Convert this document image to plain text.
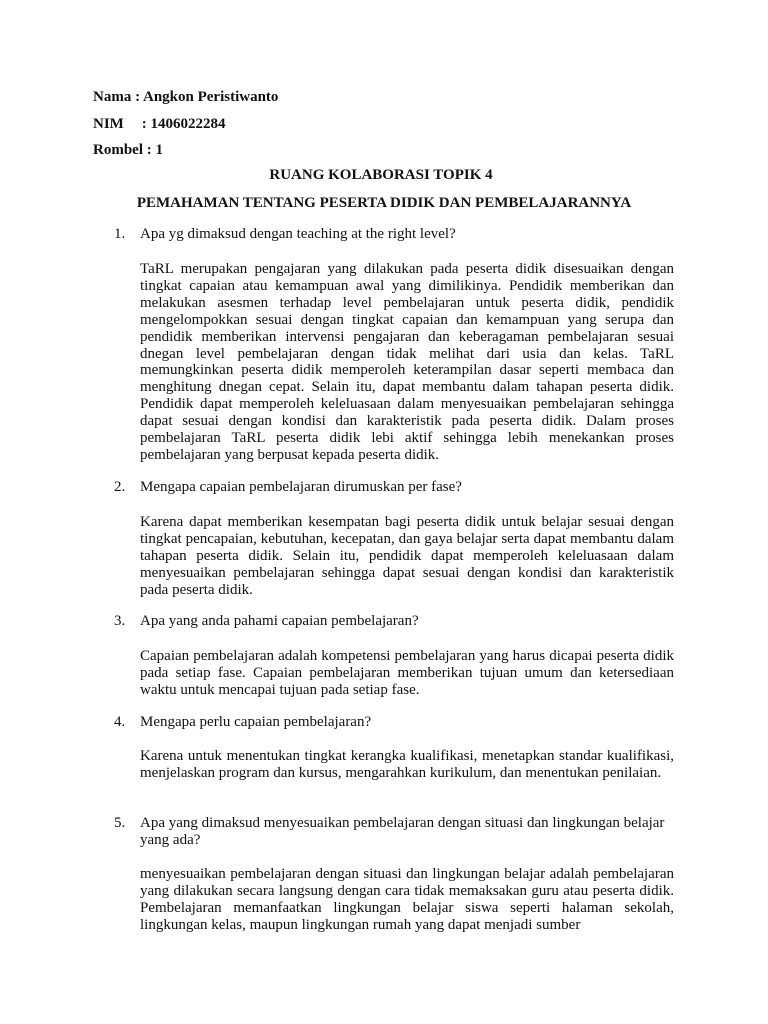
Nama : Angkon Peristiwanto
NIM : 1406022284
Rombel : 1
RUANG KOLABORASI TOPIK 4
PEMAHAMAN TENTANG PESERTA DIDIK DAN PEMBELAJARANNYA

1. Apa yg dimaksud dengan teaching at the right level?

TaRL merupakan pengajaran yang dilakukan pada peserta didik disesuaikan dengan tingkat capaian atau kemampuan awal yang dimilikinya. Pendidik memberikan dan melakukan asesmen terhadap level pembelajaran untuk peserta didik, pendidik mengelompokkan sesuai dengan tingkat capaian dan kemampuan yang serupa dan pendidik memberikan intervensi pengajaran dan keberagaman pembelajaran sesuai dnegan level pembelajaran dengan tidak melihat dari usia dan kelas. TaRL memungkinkan peserta didik memperoleh keterampilan dasar seperti membaca dan menghitung dnegan cepat. Selain itu, dapat membantu dalam tahapan peserta didik. Pendidik dapat memperoleh keleluasaan dalam menyesuaikan pembelajaran sehingga dapat sesuai dengan kondisi dan karakteristik pada peserta didik. Dalam proses pembelajaran TaRL peserta didik lebi aktif sehingga lebih menekankan proses pembelajaran yang berpusat kepada peserta didik.

2. Mengapa capaian pembelajaran dirumuskan per fase?

Karena dapat memberikan kesempatan bagi peserta didik untuk belajar sesuai dengan tingkat pencapaian, kebutuhan, kecepatan, dan gaya belajar serta dapat membantu dalam tahapan peserta didik. Selain itu, pendidik dapat memperoleh keleluasaan dalam menyesuaikan pembelajaran sehingga dapat sesuai dengan kondisi dan karakteristik pada peserta didik.

3. Apa yang anda pahami capaian pembelajaran?

Capaian pembelajaran adalah kompetensi pembelajaran yang harus dicapai peserta didik pada setiap fase. Capaian pembelajaran memberikan tujuan umum dan ketersediaan waktu untuk mencapai tujuan pada setiap fase.

4. Mengapa perlu capaian pembelajaran?

Karena untuk menentukan tingkat kerangka kualifikasi, menetapkan standar kualifikasi, menjelaskan program dan kursus, mengarahkan kurikulum, dan menentukan penilaian.

5. Apa yang dimaksud menyesuaikan pembelajaran dengan situasi dan lingkungan belajar yang ada?

menyesuaikan pembelajaran dengan situasi dan lingkungan belajar adalah pembelajaran yang dilakukan secara langsung dengan cara tidak memaksakan guru atau peserta didik. Pembelajaran memanfaatkan lingkungan belajar siswa seperti halaman sekolah, lingkungan kelas, maupun lingkungan rumah yang dapat menjadi sumber
